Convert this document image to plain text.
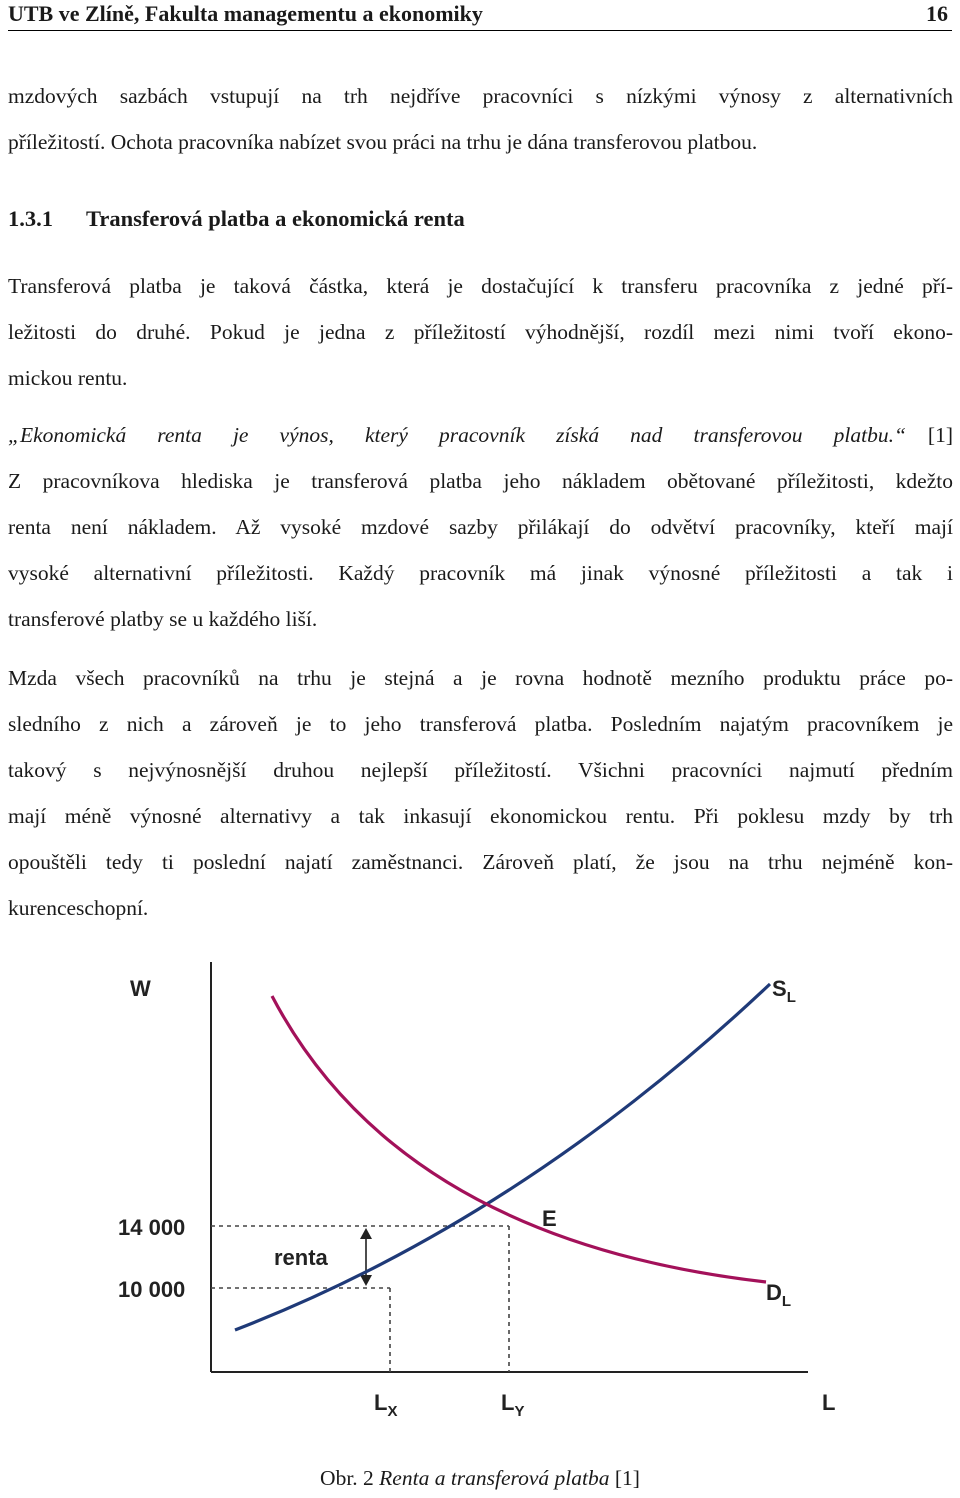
UTB ve Zlíně, Fakulta managementu a ekonomiky	16
mzdových sazbách vstupují na trh nejdříve pracovníci s nízkými výnosy z alternativních
příležitostí. Ochota pracovníka nabízet svou práci na trhu je dána transferovou platbou.
1.3.1 Transferová platba a ekonomická renta
Transferová platba je taková částka, která je dostačující k transferu pracovníka z jedné pří-
ležitosti do druhé. Pokud je jedna z příležitostí výhodnější, rozdíl mezi nimi tvoří ekono-
mickou rentu.
„Ekonomická renta je výnos, který pracovník získá nad transferovou platbu.“ [1]
Z pracovníkova hlediska je transferová platba jeho nákladem obětované příležitosti, kdežto
renta není nákladem. Až vysoké mzdové sazby přilákají do odvětví pracovníky, kteří mají
vysoké alternativní příležitosti. Každý pracovník má jinak výnosné příležitosti a tak i
transferové platby se u každého liší.
Mzda všech pracovníků na trhu je stejná a je rovna hodnotě mezního produktu práce po-
sledního z nich a zároveň je to jeho transferová platba. Posledním najatým pracovníkem je
takový s nejvýnosnější druhou nejlepší příležitostí. Všichni pracovníci najmutí předním
mají méně výnosné alternativy a tak inkasují ekonomickou rentu. Při poklesu mzdy by trh
opouštěli tedy ti poslední najatí zaměstnanci. Zároveň platí, že jsou na trhu nejméně kon-
kurenceschopní.
W
L
14 000
10 000
renta
E
$L_X$	$L_Y$
$S_L$
$D_L$
Obr. 2 Renta a transferová platba [1]
